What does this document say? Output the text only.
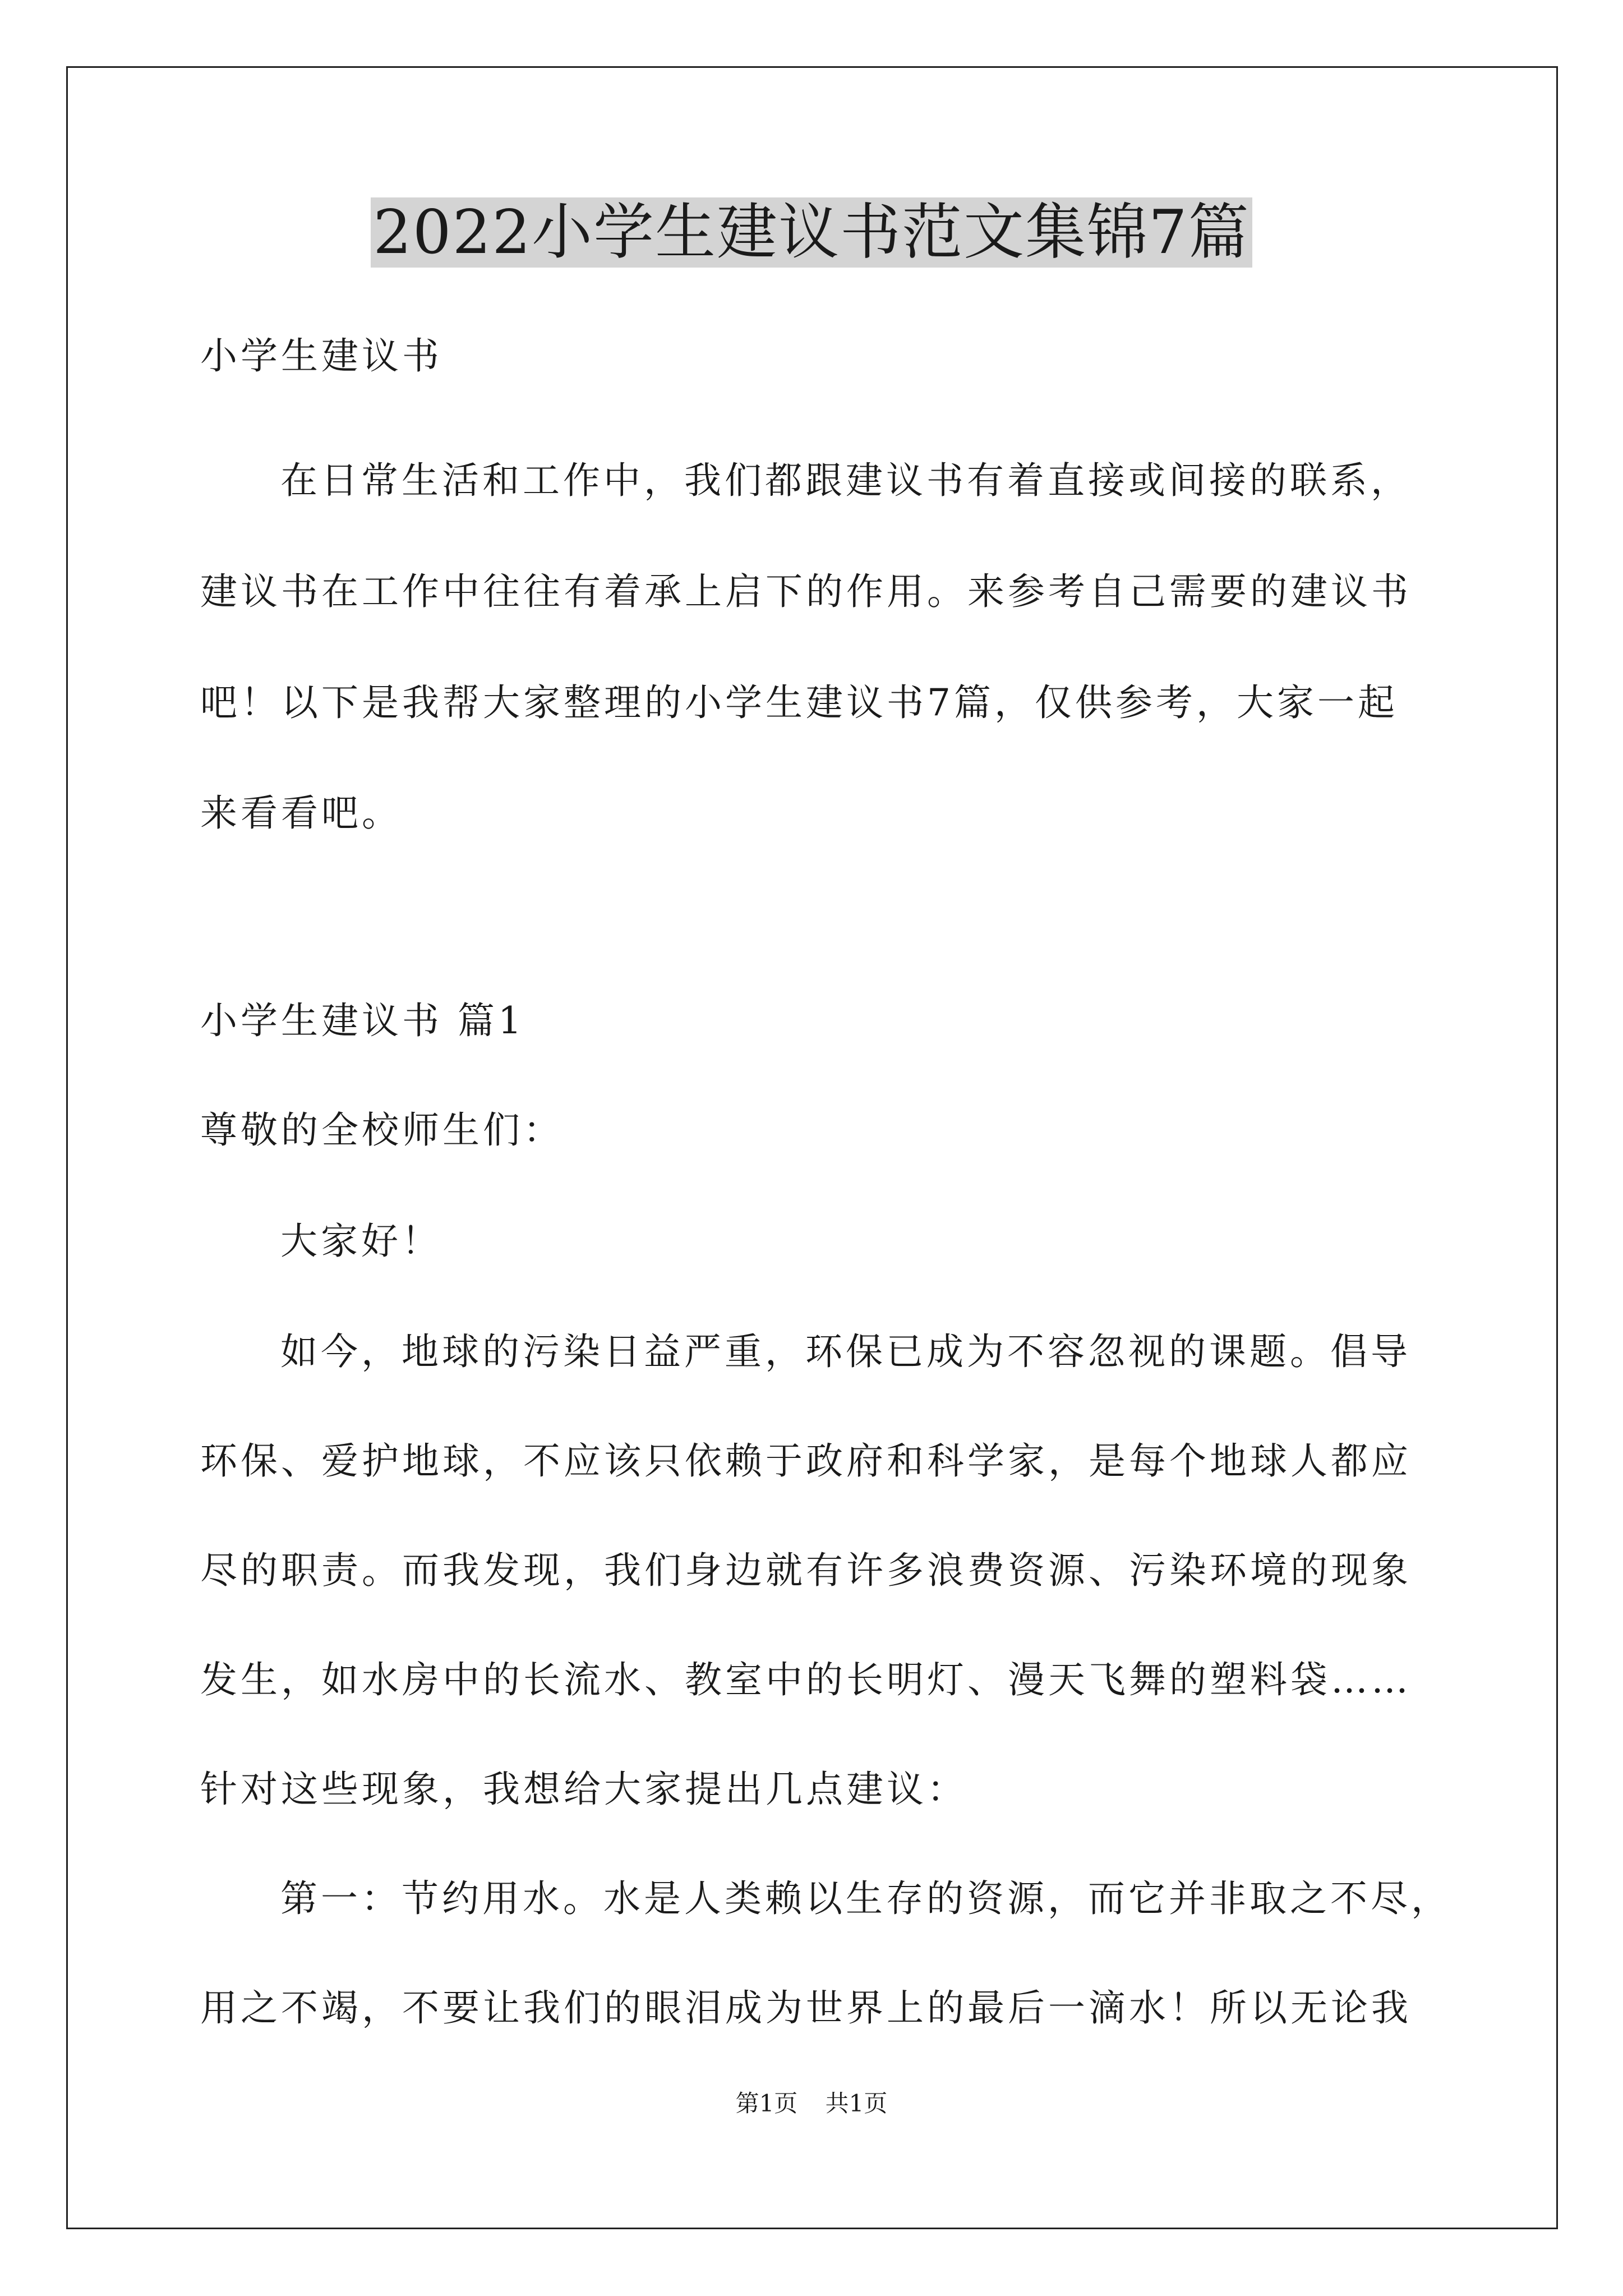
2022小学生建议书范文集锦7篇
小学生建议书
在日常生活和工作中，我们都跟建议书有着直接或间接的联系，
建议书在工作中往往有着承上启下的作用。来参考自己需要的建议书
吧！以下是我帮大家整理的小学生建议书7篇，仅供参考，大家一起
来看看吧。
小学生建议书 篇1
尊敬的全校师生们：
大家好！
如今，地球的污染日益严重，环保已成为不容忽视的课题。倡导
环保、爱护地球，不应该只依赖于政府和科学家，是每个地球人都应
尽的职责。而我发现，我们身边就有许多浪费资源、污染环境的现象
发生，如水房中的长流水、教室中的长明灯、漫天飞舞的塑料袋……
针对这些现象，我想给大家提出几点建议：
第一：节约用水。水是人类赖以生存的资源，而它并非取之不尽，
用之不竭，不要让我们的眼泪成为世界上的最后一滴水！所以无论我
第1页 共1页
